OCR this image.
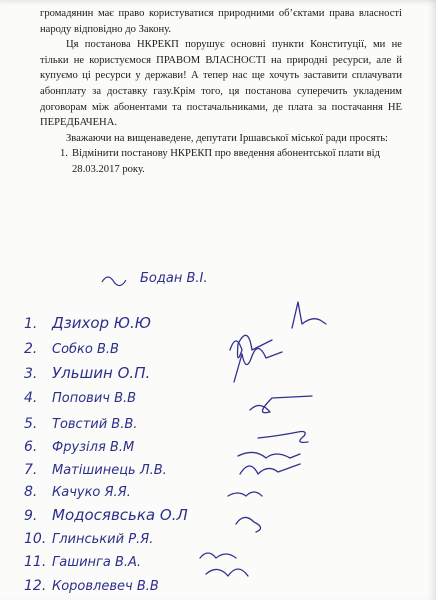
громадянин має право користуватися природними об’єктами права власності народу відповідно до Закону.

Ця постанова НКРЕКП порушує основні пункти Конституції, ми не тільки не користуємося ПРАВОМ ВЛАСНОСТІ на природні ресурси, але й купуємо ці ресурси у держави! А тепер нас ще хочуть заставити сплачувати абонплату за доставку газу.Крім того, ця постанова суперечить укладеним договорам між абонентами та постачальниками, де плата за постачання НЕ ПЕРЕДБАЧЕНА.

Зважаючи на вищенаведене, депутати Іршавської міської ради просять:

1. Відмінити постанову НКРЕКП про введення абонентської плати від 28.03.2017 року.
Бодан В.І.
1. Дзихор Ю.Ю
2. Собко В.В
3. Ульшин О.П.
4. Попович В.В
5. Товстий В.В.
6. Фрузіля В.М
7. Матішинець Л.В.
8. Качуко Я.Я.
9. Модосявська О.Л
10. Глинський Р.Я.
11. Гашинга В.А.
12. Коровлевеч В.В
